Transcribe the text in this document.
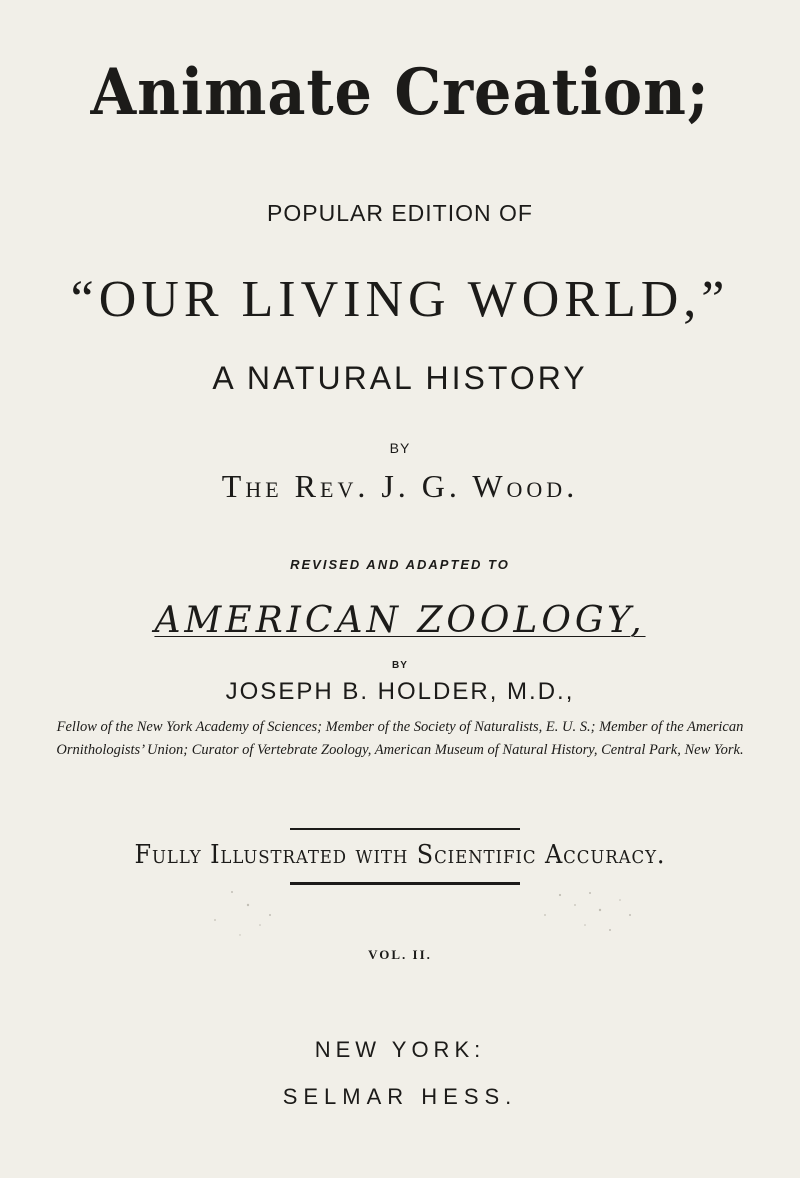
Animate Creation;
POPULAR EDITION OF
“OUR LIVING WORLD,”
A NATURAL HISTORY
BY
The Rev. J. G. Wood.
REVISED AND ADAPTED TO
AMERICAN ZOOLOGY,
BY
JOSEPH B. HOLDER, M.D.,
Fellow of the New York Academy of Sciences; Member of the Society of Naturalists, E. U. S.; Member of the American Ornithologists’ Union; Curator of Vertebrate Zoology, American Museum of Natural History, Central Park, New York.
Fully Illustrated with Scientific Accuracy.
VOL. II.
NEW YORK:
SELMAR HESS.
